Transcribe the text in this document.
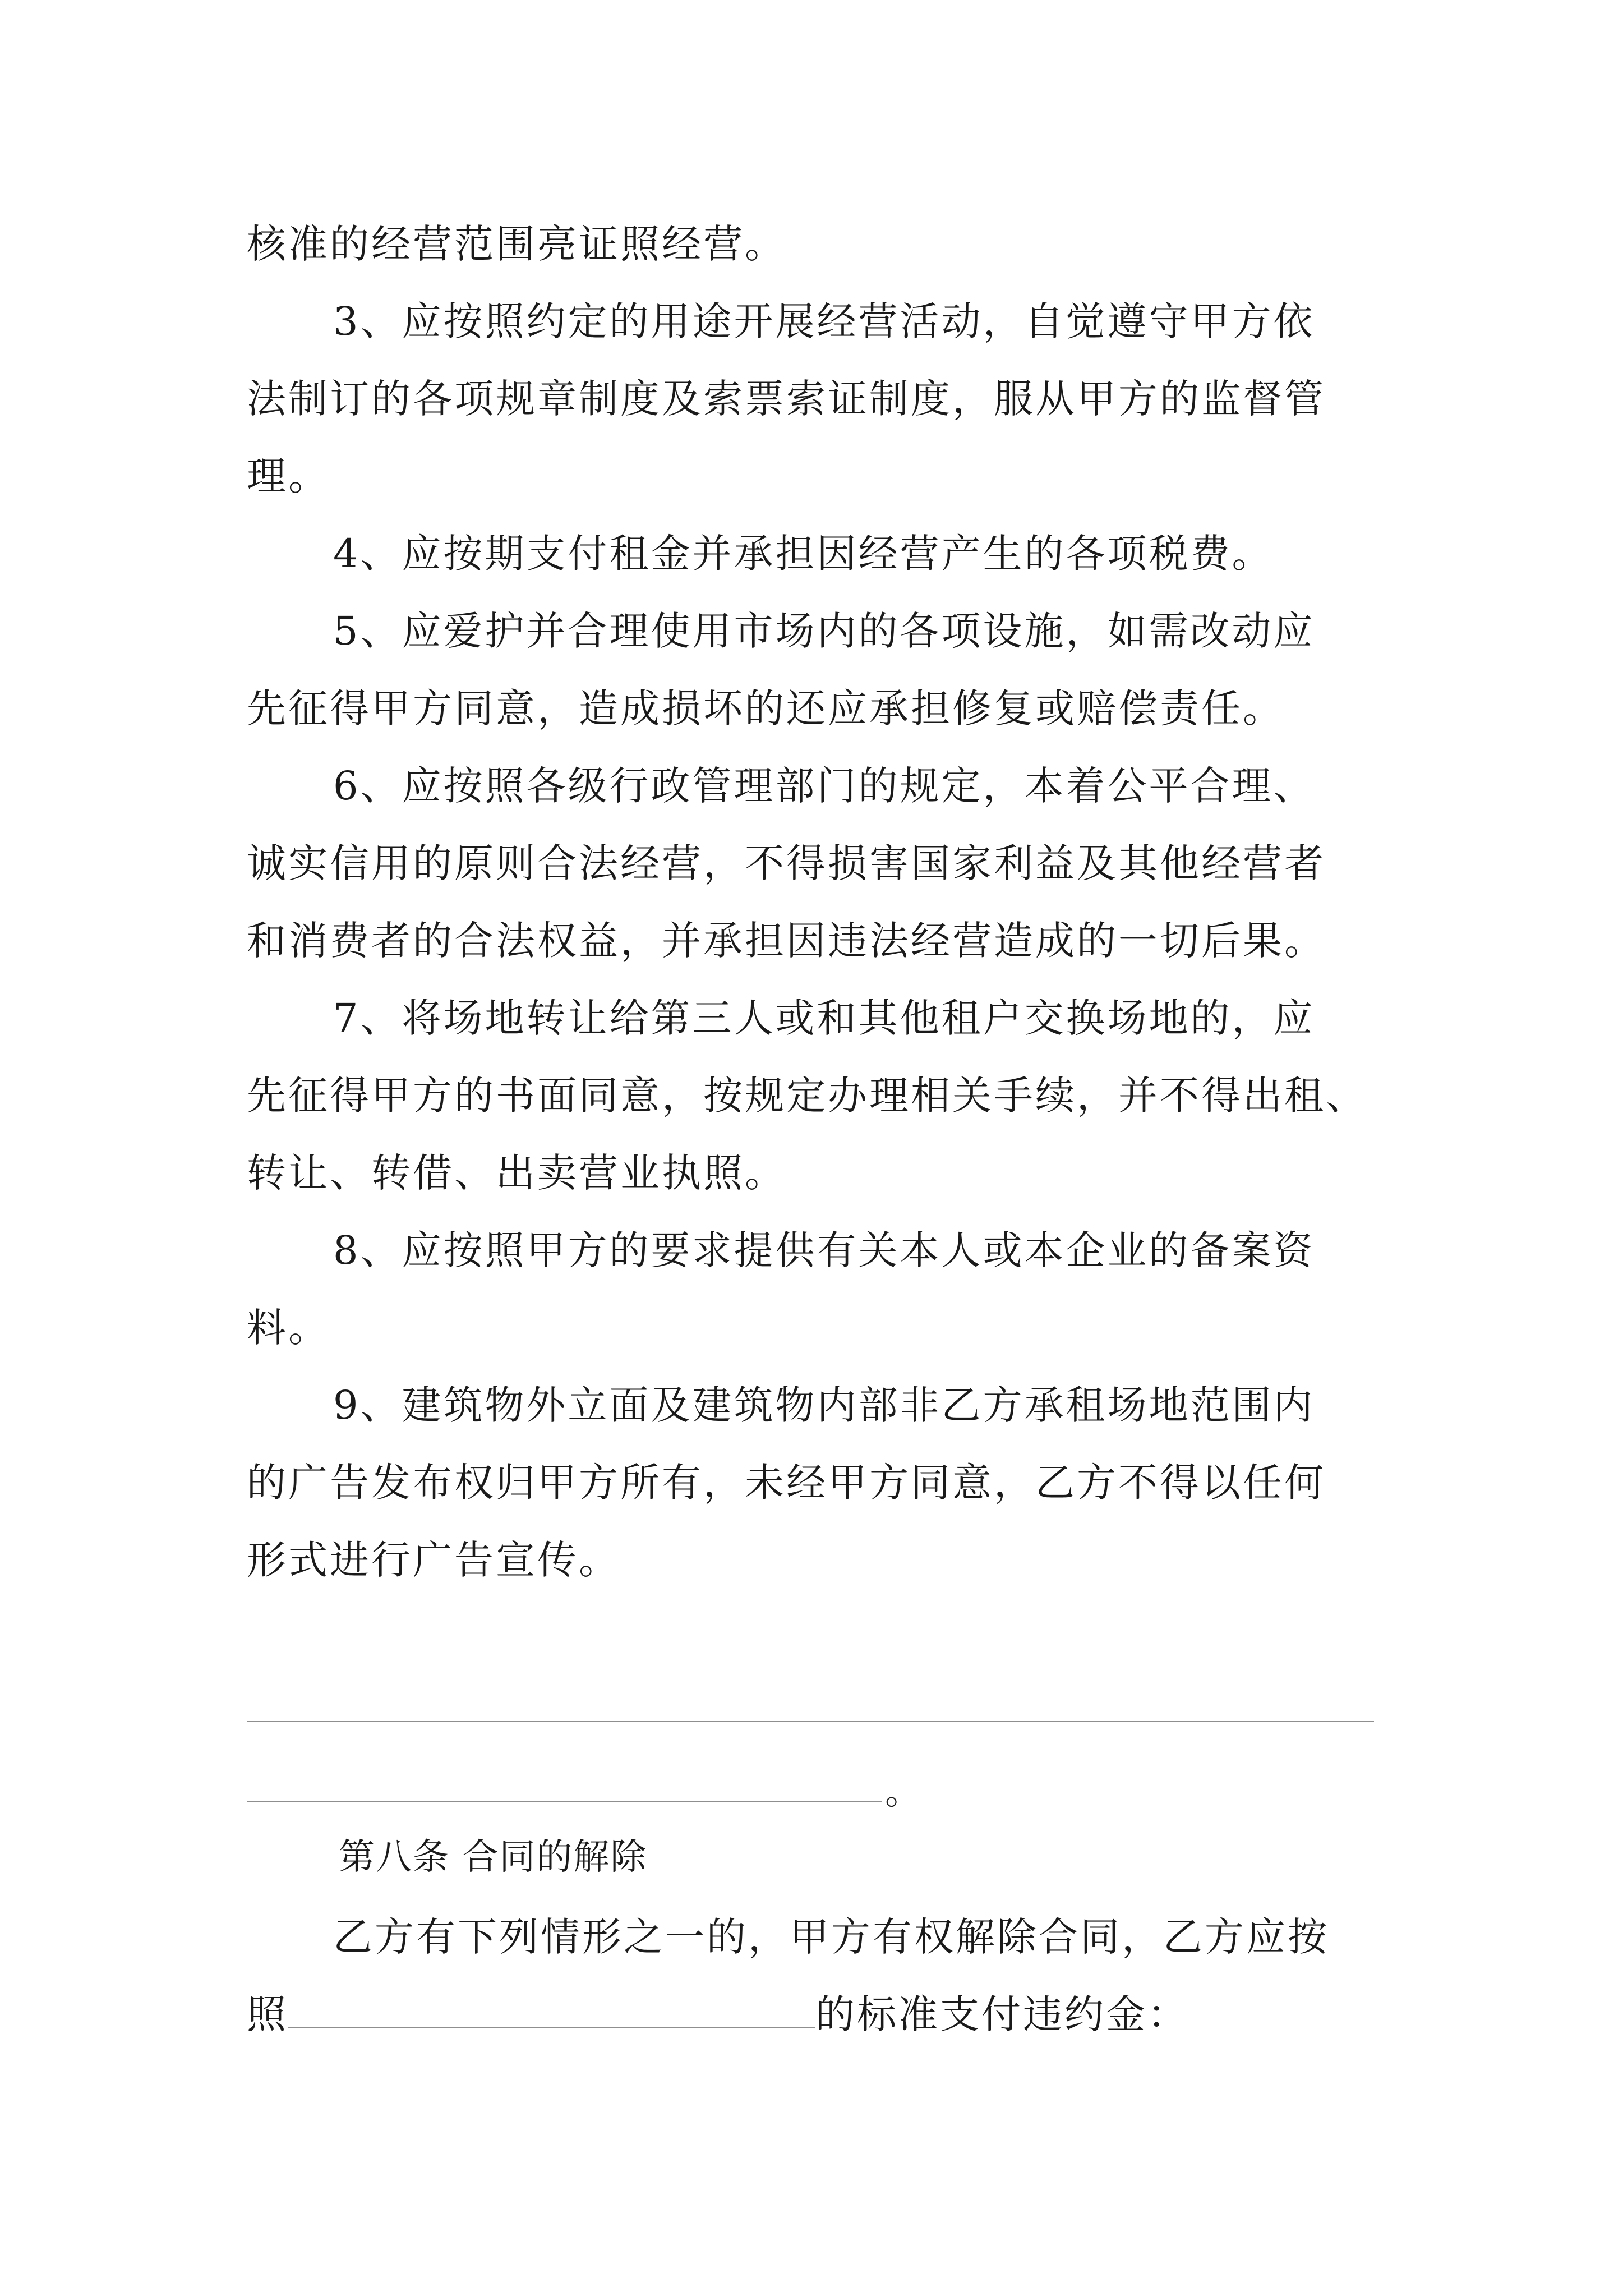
核准的经营范围亮证照经营。
3、应按照约定的用途开展经营活动，自觉遵守甲方依
法制订的各项规章制度及索票索证制度，服从甲方的监督管
理。
4、应按期支付租金并承担因经营产生的各项税费。
5、应爱护并合理使用市场内的各项设施，如需改动应
先征得甲方同意，造成损坏的还应承担修复或赔偿责任。
6、应按照各级行政管理部门的规定，本着公平合理、
诚实信用的原则合法经营，不得损害国家利益及其他经营者
和消费者的合法权益，并承担因违法经营造成的一切后果。
7、将场地转让给第三人或和其他租户交换场地的，应
先征得甲方的书面同意，按规定办理相关手续，并不得出租、
转让、转借、出卖营业执照。
8、应按照甲方的要求提供有关本人或本企业的备案资
料。
9、建筑物外立面及建筑物内部非乙方承租场地范围内
的广告发布权归甲方所有，未经甲方同意，乙方不得以任何
形式进行广告宣传。
。
第八条 合同的解除
乙方有下列情形之一的，甲方有权解除合同，乙方应按
照	的标准支付违约金：
